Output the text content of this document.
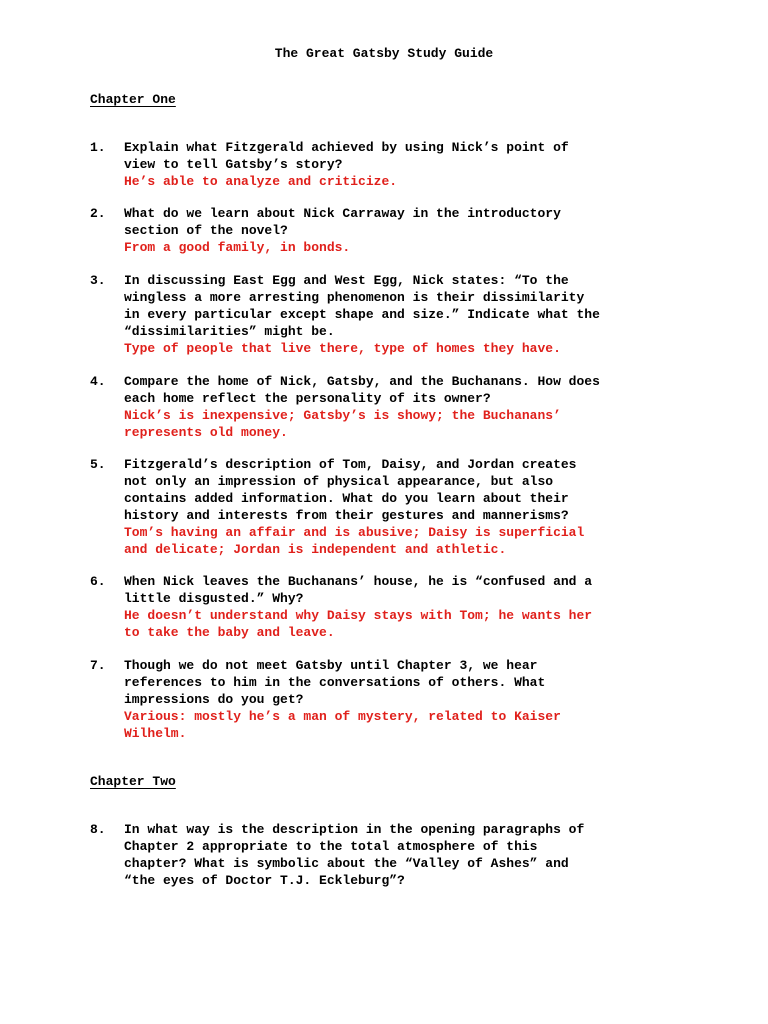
The Great Gatsby Study Guide
Chapter One
1.	Explain what Fitzgerald achieved by using Nick’s point of
view to tell Gatsby’s story?
He’s able to analyze and criticize.
2.	What do we learn about Nick Carraway in the introductory
section of the novel?
From a good family, in bonds.
3.	In discussing East Egg and West Egg, Nick states: “To the
wingless a more arresting phenomenon is their dissimilarity
in every particular except shape and size.” Indicate what the
“dissimilarities” might be.
Type of people that live there, type of homes they have.
4.	Compare the home of Nick, Gatsby, and the Buchanans. How does
each home reflect the personality of its owner?
Nick’s is inexpensive; Gatsby’s is showy; the Buchanans’
represents old money.
5.	Fitzgerald’s description of Tom, Daisy, and Jordan creates
not only an impression of physical appearance, but also
contains added information. What do you learn about their
history and interests from their gestures and mannerisms?
Tom’s having an affair and is abusive; Daisy is superficial
and delicate; Jordan is independent and athletic.
6.	When Nick leaves the Buchanans’ house, he is “confused and a
little disgusted.” Why?
He doesn’t understand why Daisy stays with Tom; he wants her
to take the baby and leave.
7.	Though we do not meet Gatsby until Chapter 3, we hear
references to him in the conversations of others. What
impressions do you get?
Various: mostly he’s a man of mystery, related to Kaiser
Wilhelm.
Chapter Two
8.	In what way is the description in the opening paragraphs of
Chapter 2 appropriate to the total atmosphere of this
chapter? What is symbolic about the “Valley of Ashes” and
“the eyes of Doctor T.J. Eckleburg”?
